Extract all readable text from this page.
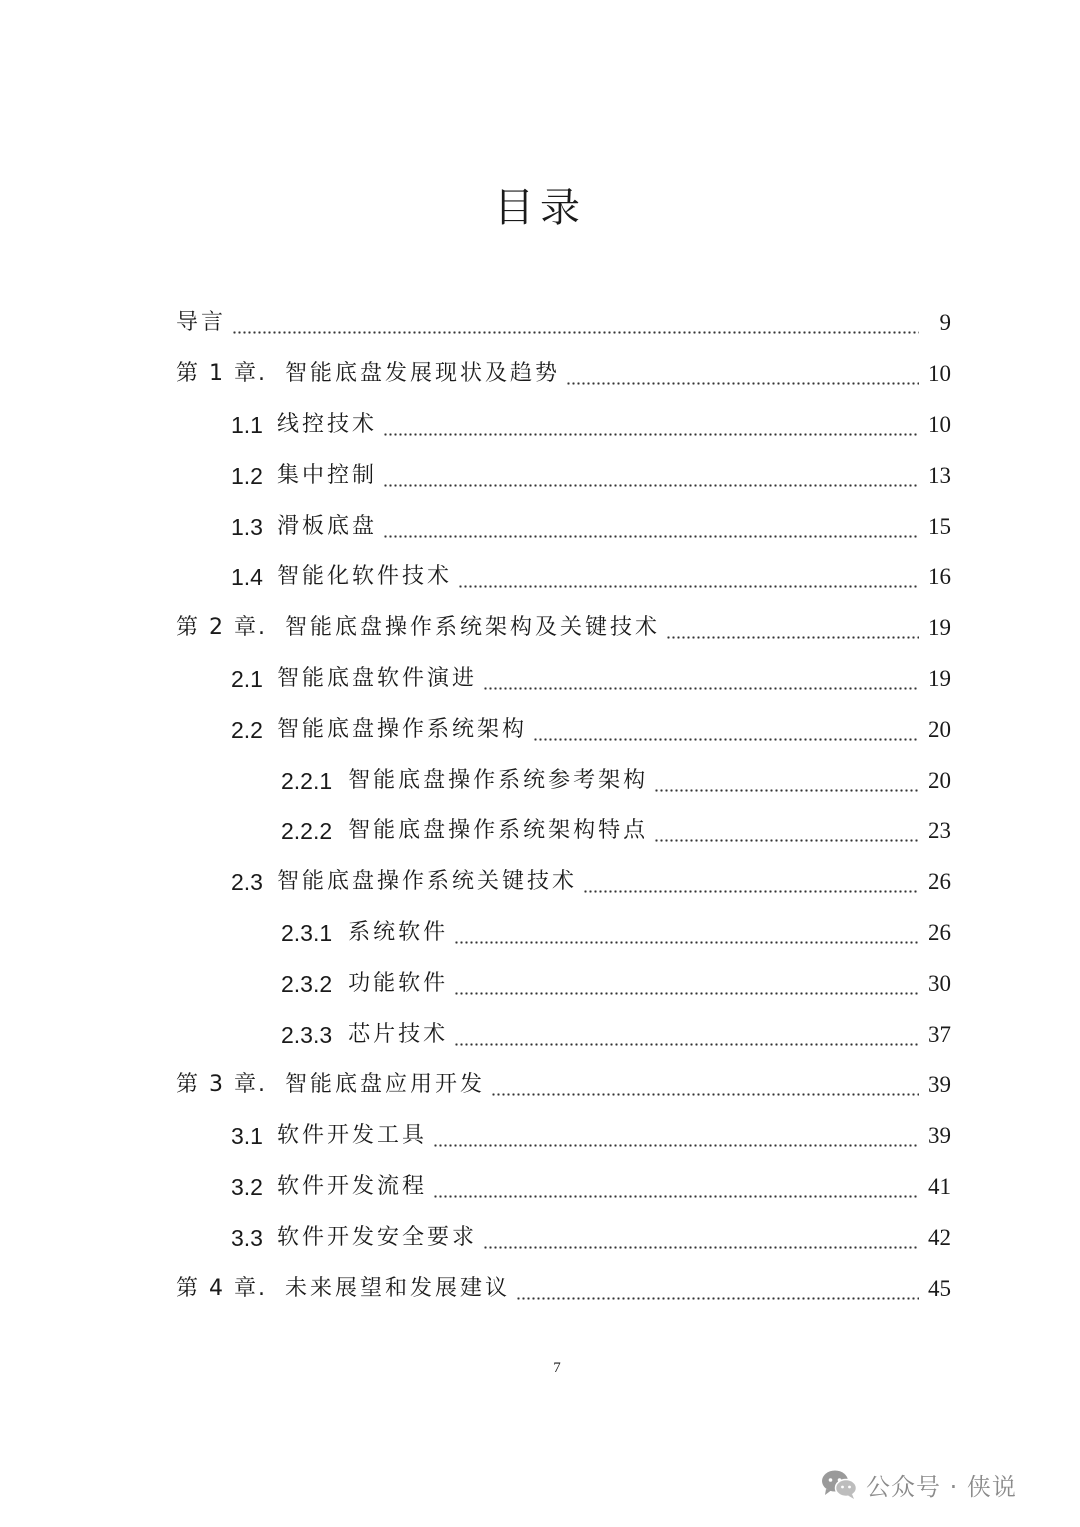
目录
导言	9
第 1 章. 智能底盘发展现状及趋势	10
1.1 线控技术	10
1.2 集中控制	13
1.3 滑板底盘	15
1.4 智能化软件技术	16
第 2 章. 智能底盘操作系统架构及关键技术	19
2.1 智能底盘软件演进	19
2.2 智能底盘操作系统架构	20
2.2.1 智能底盘操作系统参考架构	20
2.2.2 智能底盘操作系统架构特点	23
2.3 智能底盘操作系统关键技术	26
2.3.1 系统软件	26
2.3.2 功能软件	30
2.3.3 芯片技术	37
第 3 章. 智能底盘应用开发	39
3.1 软件开发工具	39
3.2 软件开发流程	41
3.3 软件开发安全要求	42
第 4 章. 未来展望和发展建议	45
7
公众号 · 侠说
